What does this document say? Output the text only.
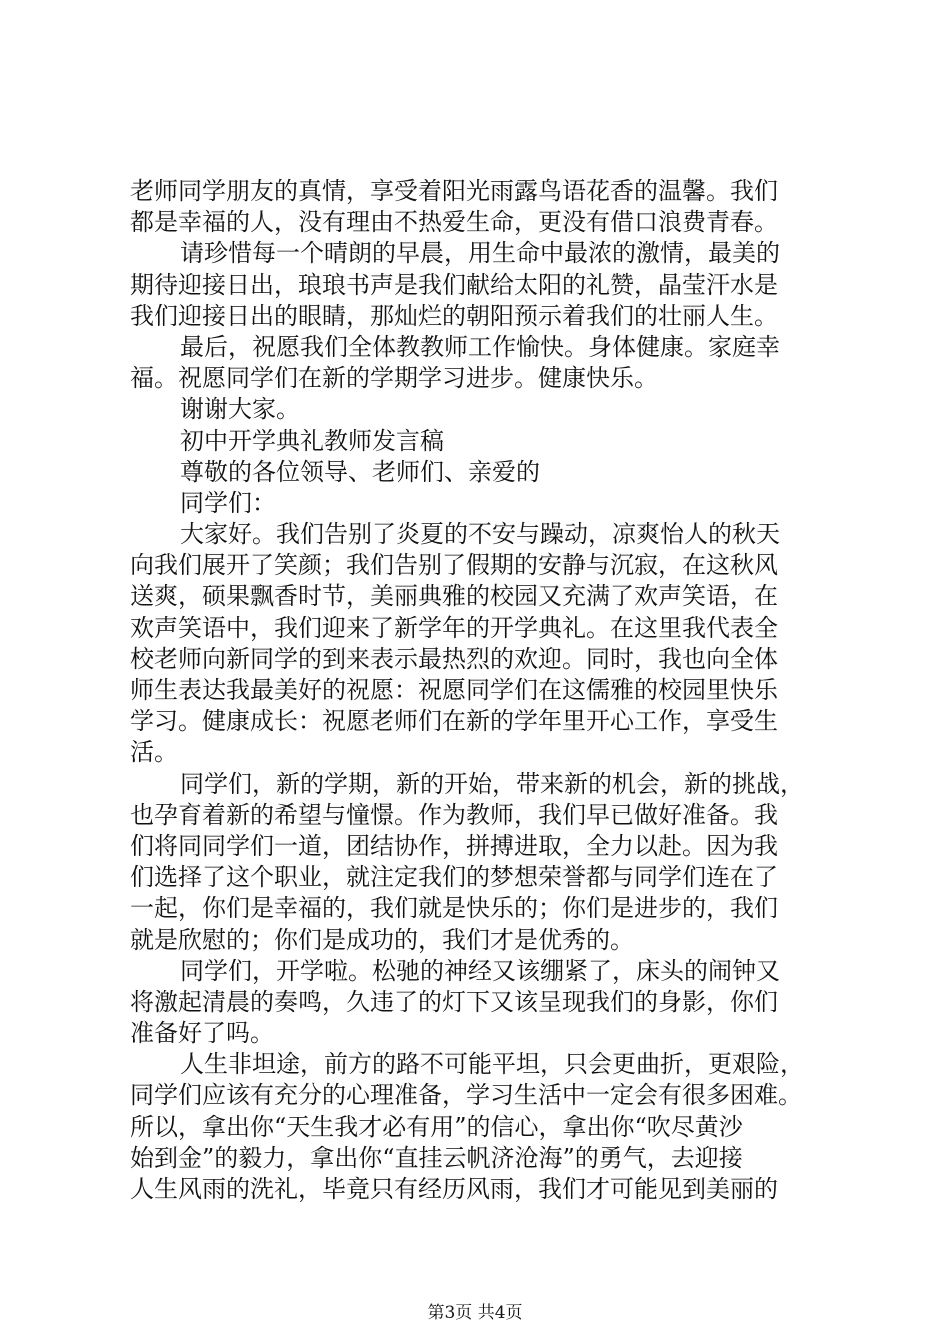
老师同学朋友的真情，享受着阳光雨露鸟语花香的温馨。我们
都是幸福的人，没有理由不热爱生命，更没有借口浪费青春。
请珍惜每一个晴朗的早晨，用生命中最浓的激情，最美的
期待迎接日出，琅琅书声是我们献给太阳的礼赞，晶莹汗水是
我们迎接日出的眼睛，那灿烂的朝阳预示着我们的壮丽人生。
最后，祝愿我们全体教教师工作愉快。身体健康。家庭幸
福。祝愿同学们在新的学期学习进步。健康快乐。
谢谢大家。
初中开学典礼教师发言稿
尊敬的各位领导、老师们、亲爱的
同学们：
大家好。我们告别了炎夏的不安与躁动，凉爽怡人的秋天
向我们展开了笑颜；我们告别了假期的安静与沉寂，在这秋风
送爽，硕果飘香时节，美丽典雅的校园又充满了欢声笑语，在
欢声笑语中，我们迎来了新学年的开学典礼。在这里我代表全
校老师向新同学的到来表示最热烈的欢迎。同时，我也向全体
师生表达我最美好的祝愿：祝愿同学们在这儒雅的校园里快乐
学习。健康成长：祝愿老师们在新的学年里开心工作，享受生
活。
同学们，新的学期，新的开始，带来新的机会，新的挑战，
也孕育着新的希望与憧憬。作为教师，我们早已做好准备。我
们将同同学们一道，团结协作，拼搏进取，全力以赴。因为我
们选择了这个职业，就注定我们的梦想荣誉都与同学们连在了
一起，你们是幸福的，我们就是快乐的；你们是进步的，我们
就是欣慰的；你们是成功的，我们才是优秀的。
同学们，开学啦。松驰的神经又该绷紧了，床头的闹钟又
将激起清晨的奏鸣，久违了的灯下又该呈现我们的身影，你们
准备好了吗。
人生非坦途，前方的路不可能平坦，只会更曲折，更艰险，
同学们应该有充分的心理准备，学习生活中一定会有很多困难。
所以，拿出你“天生我才必有用”的信心，拿出你“吹尽黄沙
始到金”的毅力，拿出你“直挂云帆济沧海”的勇气，去迎接
人生风雨的洗礼，毕竟只有经历风雨，我们才可能见到美丽的
第3页 共4页
